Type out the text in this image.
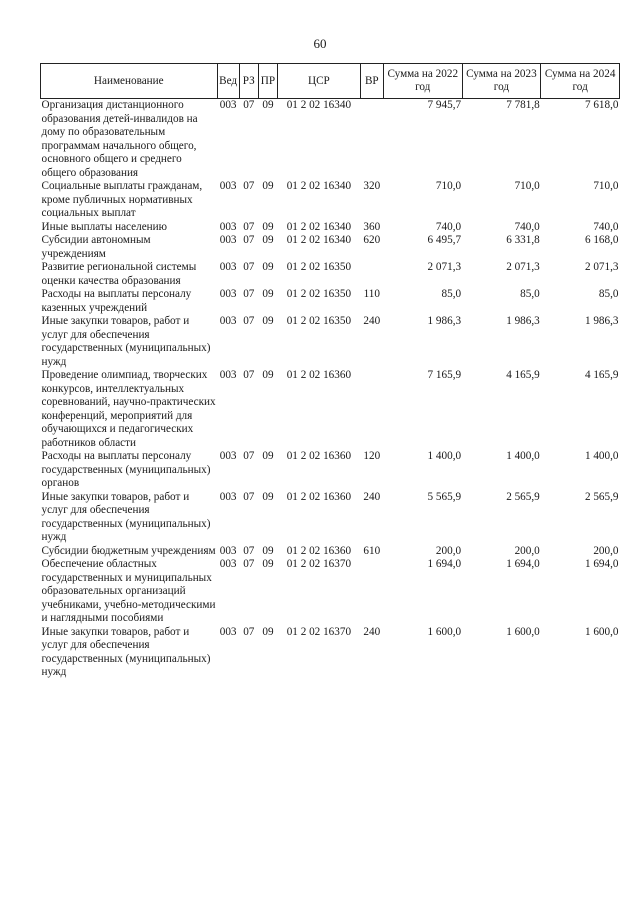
60
Наименование	Вед	РЗ	ПР	ЦСР	ВР	Сумма на 2022 год	Сумма на 2023 год	Сумма на 2024 год
Организация дистанционного образования детей-инвалидов на дому по образовательным программам начального общего, основного общего и среднего общего образования	003	07	09	01 2 02 16340		7 945,7	7 781,8	7 618,0
Социальные выплаты гражданам, кроме публичных нормативных социальных выплат	003	07	09	01 2 02 16340	320	710,0	710,0	710,0
Иные выплаты населению	003	07	09	01 2 02 16340	360	740,0	740,0	740,0
Субсидии автономным учреждениям	003	07	09	01 2 02 16340	620	6 495,7	6 331,8	6 168,0
Развитие региональной системы оценки качества образования	003	07	09	01 2 02 16350		2 071,3	2 071,3	2 071,3
Расходы на выплаты персоналу казенных учреждений	003	07	09	01 2 02 16350	110	85,0	85,0	85,0
Иные закупки товаров, работ и услуг для обеспечения государственных (муниципальных) нужд	003	07	09	01 2 02 16350	240	1 986,3	1 986,3	1 986,3
Проведение олимпиад, творческих конкурсов, интеллектуальных соревнований, научно-практических конференций, мероприятий для обучающихся и педагогических работников области	003	07	09	01 2 02 16360		7 165,9	4 165,9	4 165,9
Расходы на выплаты персоналу государственных (муниципальных) органов	003	07	09	01 2 02 16360	120	1 400,0	1 400,0	1 400,0
Иные закупки товаров, работ и услуг для обеспечения государственных (муниципальных) нужд	003	07	09	01 2 02 16360	240	5 565,9	2 565,9	2 565,9
Субсидии бюджетным учреждениям	003	07	09	01 2 02 16360	610	200,0	200,0	200,0
Обеспечение областных государственных и муниципальных образовательных организаций учебниками, учебно-методическими и наглядными пособиями	003	07	09	01 2 02 16370		1 694,0	1 694,0	1 694,0
Иные закупки товаров, работ и услуг для обеспечения государственных (муниципальных) нужд	003	07	09	01 2 02 16370	240	1 600,0	1 600,0	1 600,0
